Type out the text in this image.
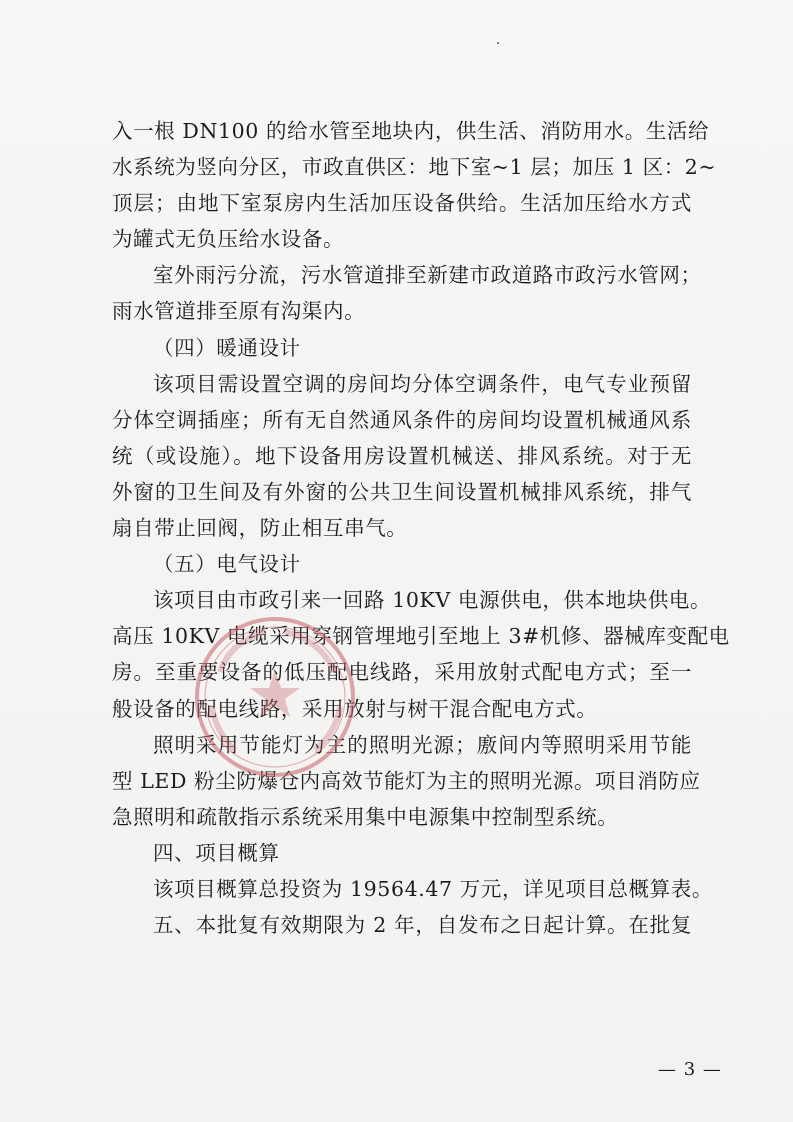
入一根 DN100 的给水管至地块内，供生活、消防用水。生活给
水系统为竖向分区，市政直供区：地下室~1 层；加压 1 区：2~
顶层；由地下室泵房内生活加压设备供给。生活加压给水方式
为罐式无负压给水设备。
室外雨污分流，污水管道排至新建市政道路市政污水管网；
雨水管道排至原有沟渠内。
（四）暖通设计
该项目需设置空调的房间均分体空调条件，电气专业预留
分体空调插座；所有无自然通风条件的房间均设置机械通风系
统（或设施）。地下设备用房设置机械送、排风系统。对于无
外窗的卫生间及有外窗的公共卫生间设置机械排风系统，排气
扇自带止回阀，防止相互串气。
（五）电气设计
该项目由市政引来一回路 10KV 电源供电，供本地块供电。
高压 10KV 电缆采用穿钢管埋地引至地上 3#机修、器械库变配电
房。至重要设备的低压配电线路，采用放射式配电方式；至一
般设备的配电线路，采用放射与树干混合配电方式。
照明采用节能灯为主的照明光源；廒间内等照明采用节能
型 LED 粉尘防爆仓内高效节能灯为主的照明光源。项目消防应
急照明和疏散指示系统采用集中电源集中控制型系统。
四、项目概算
该项目概算总投资为 19564.47 万元，详见项目总概算表。
五、本批复有效期限为 2 年，自发布之日起计算。在批复
— 3 —
